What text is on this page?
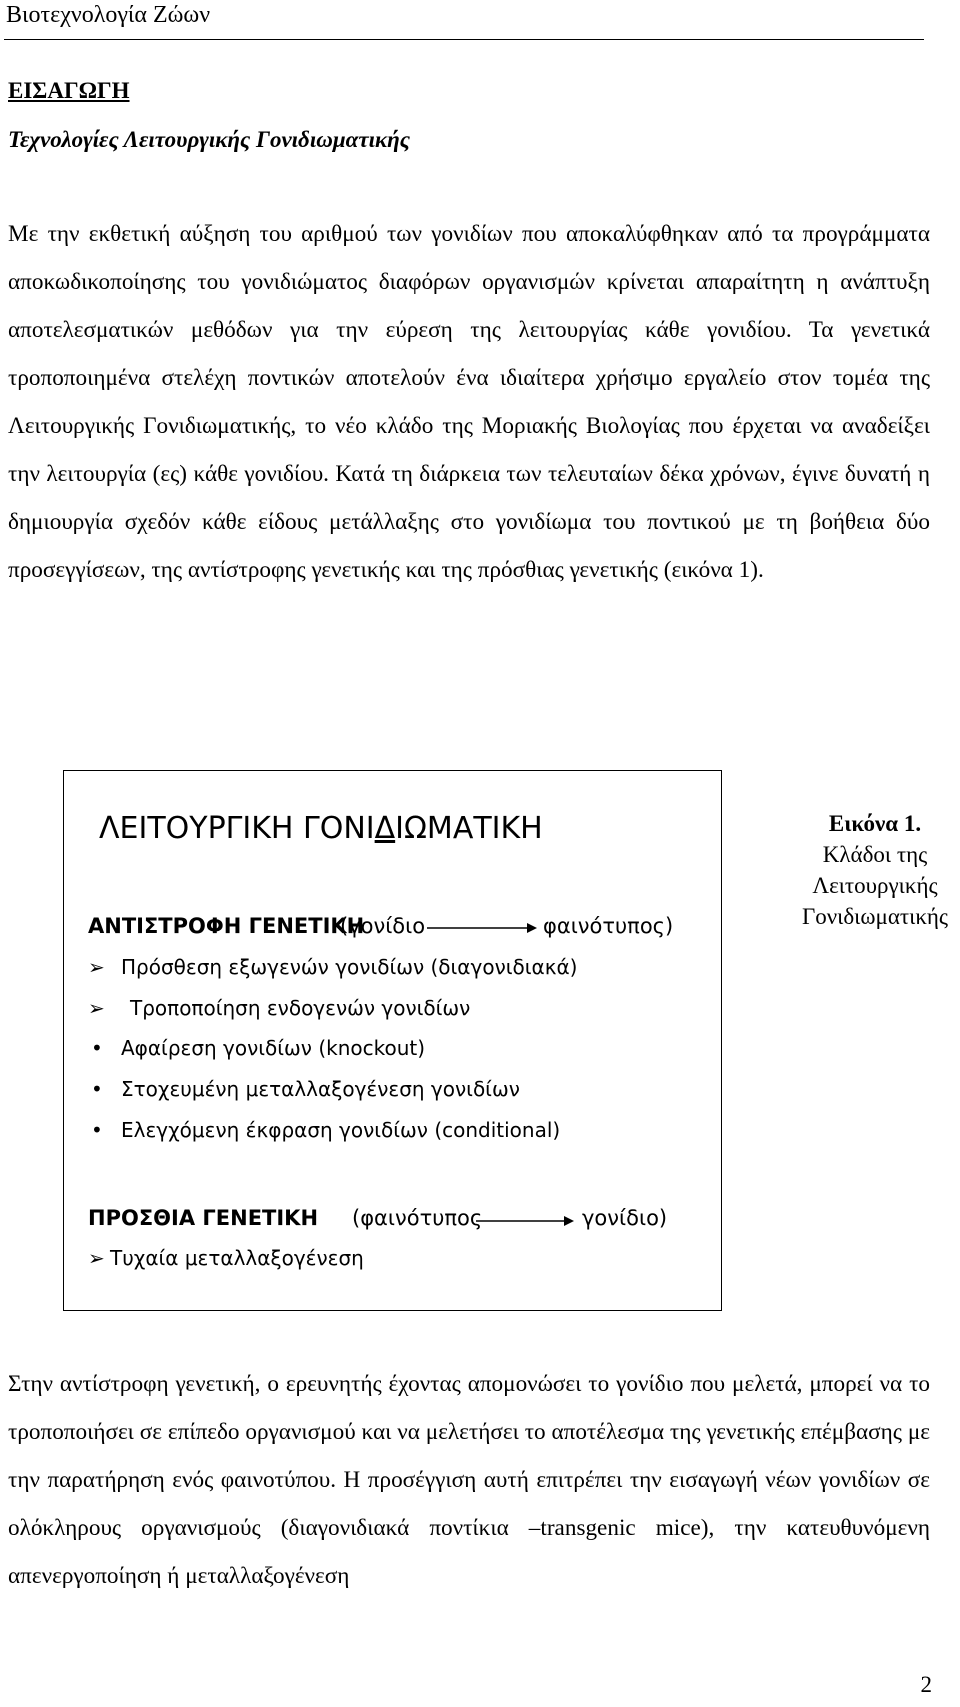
Βιοτεχνολογία Ζώων
ΕΙΣΑΓΩΓΗ
Τεχνολογίες Λειτουργικής Γονιδιωματικής

Με την εκθετική αύξηση του αριθμού των γονιδίων που αποκαλύφθηκαν από τα προγράμματα αποκωδικοποίησης του γονιδιώματος διαφόρων οργανισμών κρίνεται απαραίτητη η ανάπτυξη αποτελεσματικών μεθόδων για την εύρεση της λειτουργίας κάθε γονιδίου. Τα γενετικά τροποποιημένα στελέχη ποντικών αποτελούν ένα ιδιαίτερα χρήσιμο εργαλείο στον τομέα της Λειτουργικής Γονιδιωματικής, το νέο κλάδο της Μοριακής Βιολογίας που έρχεται να αναδείξει την λειτουργία (ες) κάθε γονιδίου. Κατά τη διάρκεια των τελευταίων δέκα χρόνων, έγινε δυνατή η δημιουργία σχεδόν κάθε είδους μετάλλαξης στο γονιδίωμα του ποντικού με τη βοήθεια δύο προσεγγίσεων, της αντίστροφης γενετικής και της πρόσθιας γενετικής (εικόνα 1).

ΛΕΙΤΟΥΡΓΙΚΗ ΓΟΝΙΔΙΩΜΑΤΙΚΗ
ΑΝΤΙΣΤΡΟΦΗ ΓΕΝΕΤΙΚΗ
(γονίδιο	φαινότυπος)
➢ Πρόσθεση εξωγενών γονιδίων (διαγονιδιακά)
➢ Τροποποίηση ενδογενών γονιδίων
• Αφαίρεση γονιδίων (knockout)
• Στοχευμένη μεταλλαξογένεση γονιδίων
• Ελεγχόμενη έκφραση γονιδίων (conditional)
ΠΡΟΣΘΙΑ ΓΕΝΕΤΙΚΗ (φαινότυπος	γονίδιο)
➢ Τυχαία μεταλλαξογένεση
Εικόνα 1.
Κλάδοι της
Λειτουργικής
Γονιδιωματικής

Στην αντίστροφη γενετική, ο ερευνητής έχοντας απομονώσει το γονίδιο που μελετά, μπορεί να το τροποποιήσει σε επίπεδο οργανισμού και να μελετήσει το αποτέλεσμα της γενετικής επέμβασης με την παρατήρηση ενός φαινοτύπου. Η προσέγγιση αυτή επιτρέπει την εισαγωγή νέων γονιδίων σε ολόκληρους οργανισμούς (διαγονιδιακά ποντίκια –transgenic mice), την κατευθυνόμενη απενεργοποίηση ή μεταλλαξογένεση

2
